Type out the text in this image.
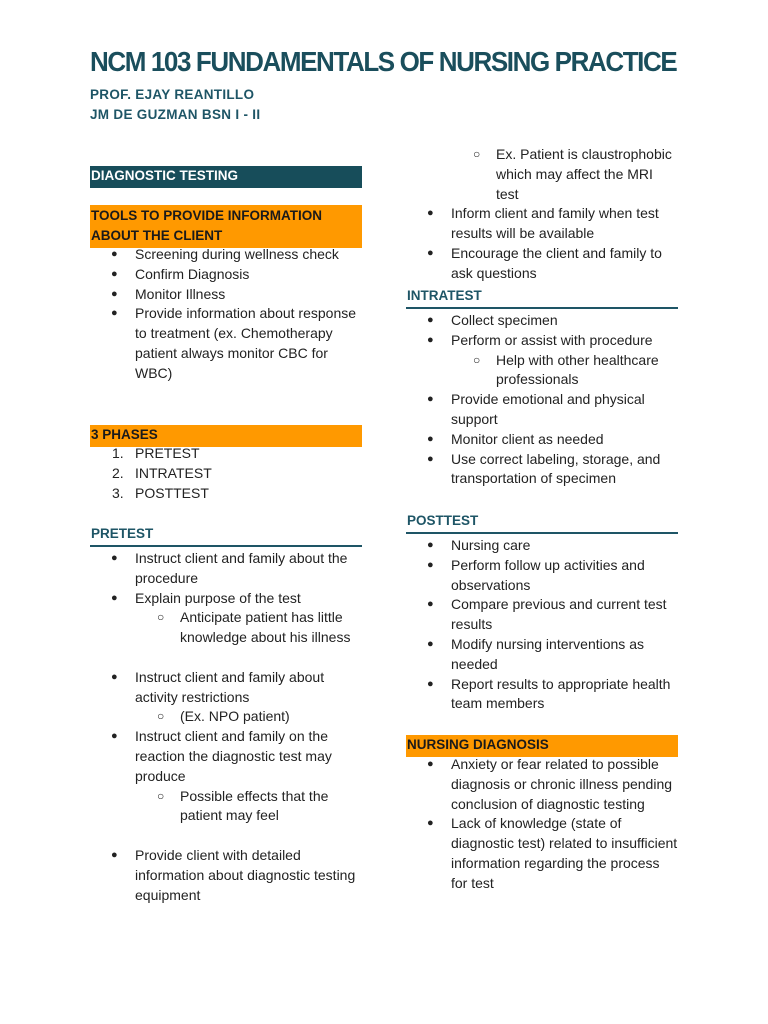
NCM 103 FUNDAMENTALS OF NURSING PRACTICE
PROF. EJAY REANTILLO
JM DE GUZMAN BSN I - II
DIAGNOSTIC TESTING
TOOLS TO PROVIDE INFORMATION ABOUT THE CLIENT
● Screening during wellness check
● Confirm Diagnosis
● Monitor Illness
● Provide information about response to treatment (ex. Chemotherapy patient always monitor CBC for WBC)
3 PHASES
1. PRETEST
2. INTRATEST
3. POSTTEST
PRETEST
● Instruct client and family about the procedure
● Explain purpose of the test
○ Anticipate patient has little knowledge about his illness
● Instruct client and family about activity restrictions
○ (Ex. NPO patient)
● Instruct client and family on the reaction the diagnostic test may produce
○ Possible effects that the patient may feel
● Provide client with detailed information about diagnostic testing equipment
○ Ex. Patient is claustrophobic which may affect the MRI test
● Inform client and family when test results will be available
● Encourage the client and family to ask questions
INTRATEST
● Collect specimen
● Perform or assist with procedure
○ Help with other healthcare professionals
● Provide emotional and physical support
● Monitor client as needed
● Use correct labeling, storage, and transportation of specimen
POSTTEST
● Nursing care
● Perform follow up activities and observations
● Compare previous and current test results
● Modify nursing interventions as needed
● Report results to appropriate health team members
NURSING DIAGNOSIS
● Anxiety or fear related to possible diagnosis or chronic illness pending conclusion of diagnostic testing
● Lack of knowledge (state of diagnostic test) related to insufficient information regarding the process for test
